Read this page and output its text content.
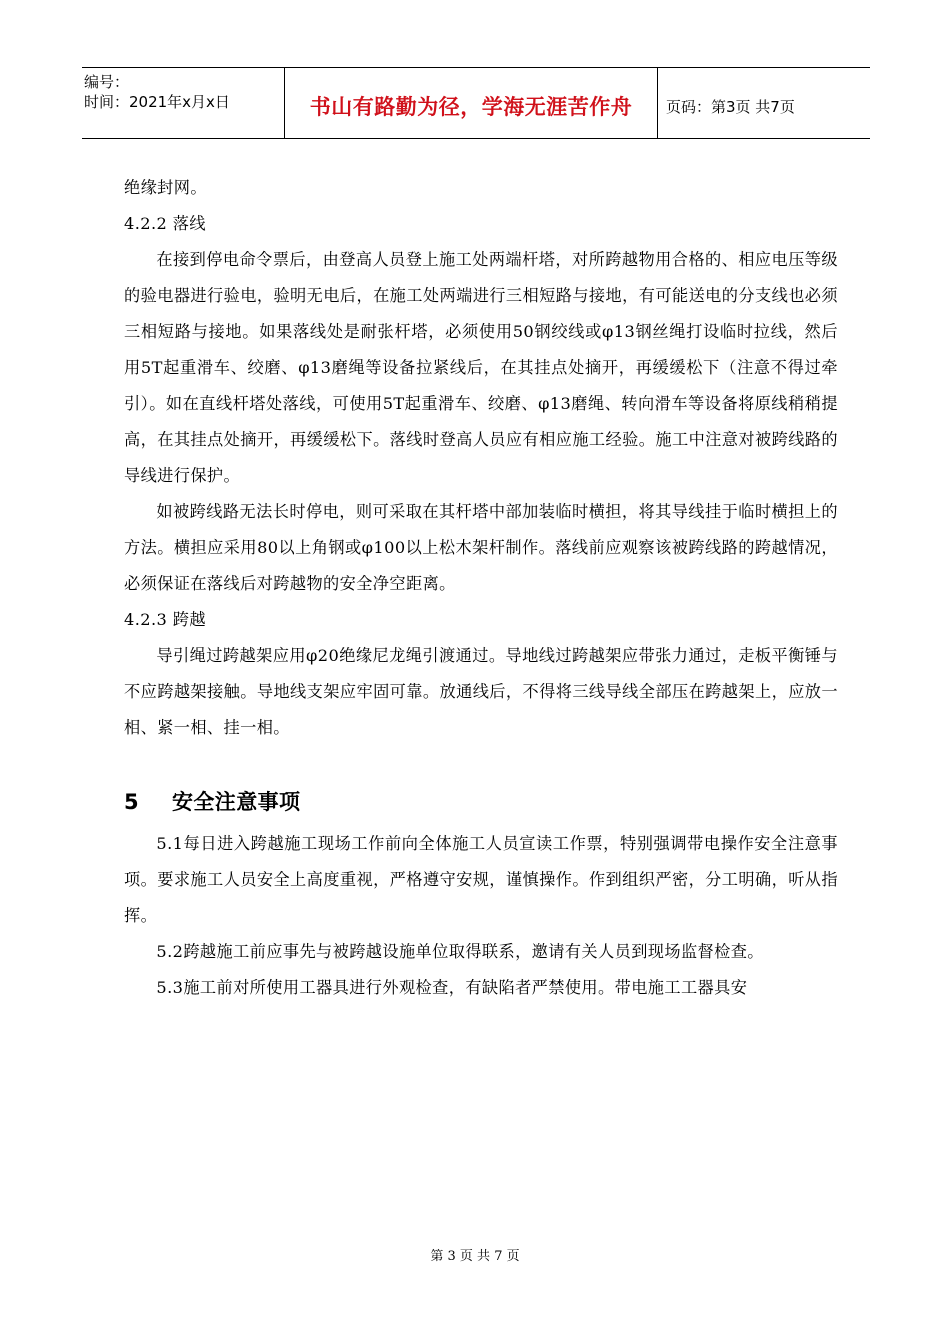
编号：
时间：2021年x月x日	书山有路勤为径，学海无涯苦作舟	页码：第3页 共7页

绝缘封网。

4.2.2 落线

在接到停电命令票后，由登高人员登上施工处两端杆塔，对所跨越物用合格的、相应电压等级的验电器进行验电，验明无电后，在施工处两端进行三相短路与接地，有可能送电的分支线也必须三相短路与接地。如果落线处是耐张杆塔，必须使用50钢绞线或φ13钢丝绳打设临时拉线，然后用5T起重滑车、绞磨、φ13磨绳等设备拉紧线后，在其挂点处摘开，再缓缓松下（注意不得过牵引）。如在直线杆塔处落线，可使用5T起重滑车、绞磨、φ13磨绳、转向滑车等设备将原线稍稍提高，在其挂点处摘开，再缓缓松下。落线时登高人员应有相应施工经验。施工中注意对被跨线路的导线进行保护。

如被跨线路无法长时停电，则可采取在其杆塔中部加装临时横担，将其导线挂于临时横担上的方法。横担应采用80以上角钢或φ100以上松木架杆制作。落线前应观察该被跨线路的跨越情况，必须保证在落线后对跨越物的安全净空距离。

4.2.3 跨越

导引绳过跨越架应用φ20绝缘尼龙绳引渡通过。导地线过跨越架应带张力通过，走板平衡锤与不应跨越架接触。导地线支架应牢固可靠。放通线后，不得将三线导线全部压在跨越架上，应放一相、紧一相、挂一相。

5 安全注意事项

5.1每日进入跨越施工现场工作前向全体施工人员宣读工作票，特别强调带电操作安全注意事项。要求施工人员安全上高度重视，严格遵守安规，谨慎操作。作到组织严密，分工明确，听从指挥。

5.2跨越施工前应事先与被跨越设施单位取得联系，邀请有关人员到现场监督检查。

5.3施工前对所使用工器具进行外观检查，有缺陷者严禁使用。带电施工工器具安

第 3 页 共 7 页
